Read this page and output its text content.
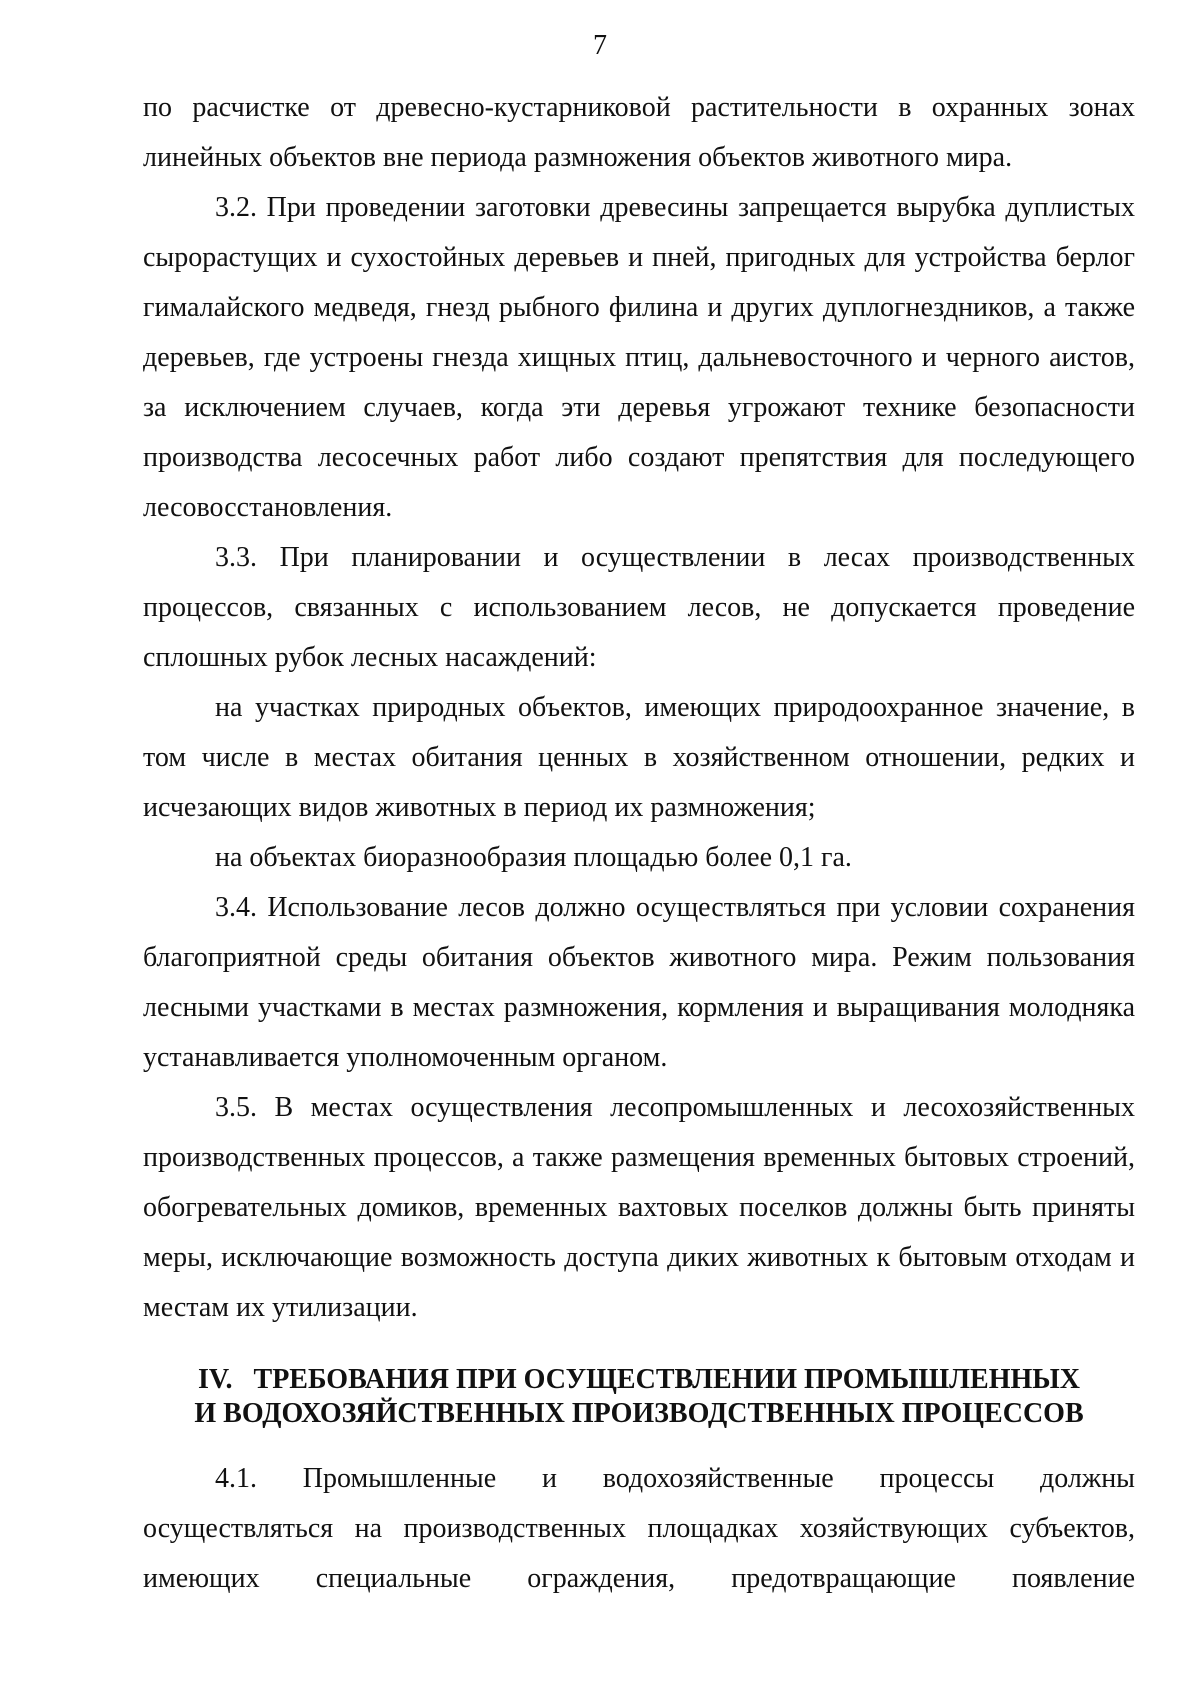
7

по расчистке от древесно-кустарниковой растительности в охранных зонах линейных объектов вне периода размножения объектов животного мира.

3.2. При проведении заготовки древесины запрещается вырубка дуплистых сырорастущих и сухостойных деревьев и пней, пригодных для устройства берлог гималайского медведя, гнезд рыбного филина и других дуплогнездников, а также деревьев, где устроены гнезда хищных птиц, дальневосточного и черного аистов, за исключением случаев, когда эти деревья угрожают технике безопасности производства лесосечных работ либо создают препятствия для последующего лесовосстановления.

3.3. При планировании и осуществлении в лесах производственных процессов, связанных с использованием лесов, не допускается проведение сплошных рубок лесных насаждений:

на участках природных объектов, имеющих природоохранное значение, в том числе в местах обитания ценных в хозяйственном отношении, редких и исчезающих видов животных в период их размножения;

на объектах биоразнообразия площадью более 0,1 га.

3.4. Использование лесов должно осуществляться при условии сохранения благоприятной среды обитания объектов животного мира. Режим пользования лесными участками в местах размножения, кормления и выращивания молодняка устанавливается уполномоченным органом.

3.5. В местах осуществления лесопромышленных и лесохозяйственных производственных процессов, а также размещения временных бытовых строений, обогревательных домиков, временных вахтовых поселков должны быть приняты меры, исключающие возможность доступа диких животных к бытовым отходам и местам их утилизации.

IV.   ТРЕБОВАНИЯ ПРИ ОСУЩЕСТВЛЕНИИ ПРОМЫШЛЕННЫХ
И ВОДОХОЗЯЙСТВЕННЫХ ПРОИЗВОДСТВЕННЫХ ПРОЦЕССОВ

4.1. Промышленные и водохозяйственные процессы должны осуществляться на производственных площадках хозяйствующих субъектов, имеющих специальные ограждения, предотвращающие появление
